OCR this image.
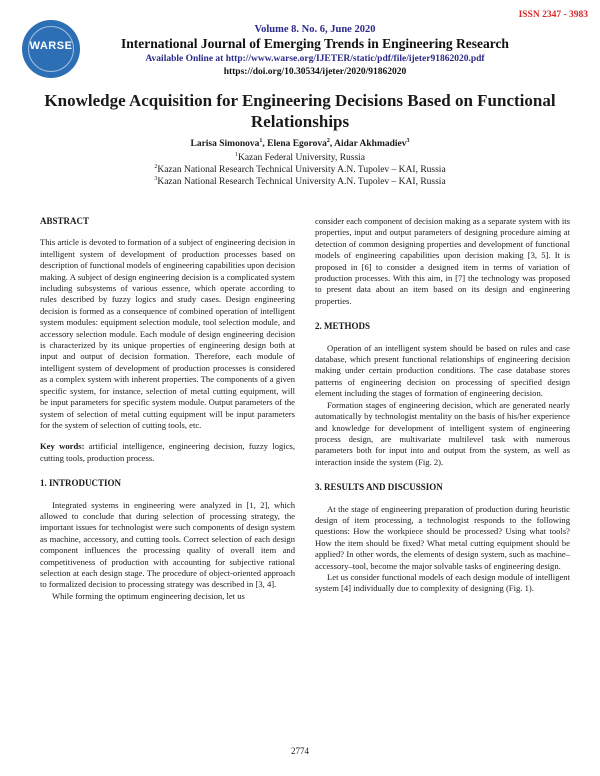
ISSN 2347 - 3983
WARSE
Volume 8. No. 6, June 2020
International Journal of Emerging Trends in Engineering Research
Available Online at http://www.warse.org/IJETER/static/pdf/file/ijeter91862020.pdf
https://doi.org/10.30534/ijeter/2020/91862020
Knowledge Acquisition for Engineering Decisions Based on Functional Relationships
Larisa Simonova$^1$, Elena Egorova$^2$, Aidar Akhmadiev$^3$
$^1$Kazan Federal University, Russia
$^2$Kazan National Research Technical University A.N. Tupolev – KAI, Russia
$^3$Kazan National Research Technical University A.N. Tupolev – KAI, Russia
ABSTRACT

This article is devoted to formation of a subject of engineering decision in intelligent system of development of production processes based on description of functional models of engineering capabilities upon decision making. A subject of design engineering decision is a complicated system including subsystems of various essence, which operate according to rules described by fuzzy logics and study cases. Design engineering decision is formed as a consequence of combined operation of intelligent system modules: equipment selection module, tool selection module, and accessory selection module. Each module of design engineering decision is characterized by its unique properties of engineering design both at input and output of decision formation. Therefore, each module of intelligent system of development of production processes is considered as a complex system with inherent properties. The components of a given specific system, for instance, selection of metal cutting equipment, will be input parameters for specific system module. Output parameters of the system of selection of metal cutting equipment will be input parameters for the system of selection of cutting tools, etc.

Key words: artificial intelligence, engineering decision, fuzzy logics, cutting tools, production process.

1. INTRODUCTION

Integrated systems in engineering were analyzed in [1, 2], which allowed to conclude that during selection of processing strategy, the important issues for technologist were such components of design system as machine, accessory, and cutting tools. Correct selection of each design component influences the processing quality of overall item and competitiveness of production with accounting for subjective rational selection at each design stage. The procedure of object-oriented approach to formalized decision to processing strategy was described in [3, 4].

While forming the optimum engineering decision, let us

consider each component of decision making as a separate system with its properties, input and output parameters of designing procedure aiming at detection of common designing properties and development of functional models of engineering capabilities upon decision making [3, 5]. It is proposed in [6] to consider a designed item in terms of variation of production processes. With this aim, in [7] the technology was proposed to present data about an item based on its design and engineering properties.

2. METHODS

Operation of an intelligent system should be based on rules and case database, which present functional relationships of engineering decision making under certain production conditions. The case database stores patterns of engineering decision on processing of specified design element including the stages of formation of engineering decision.

Formation stages of engineering decision, which are generated nearly automatically by technologist mentality on the basis of his/her experience and knowledge for development of intelligent system of engineering process design, are multivariate multilevel task with numerous parameters both for input into and output from the system, as well as interaction inside the system (Fig. 2).

3. RESULTS AND DISCUSSION

At the stage of engineering preparation of production during heuristic design of item processing, a technologist responds to the following questions: How the workpiece should be processed? Using what tools? How the item should be fixed? What metal cutting equipment should be applied? In other words, the elements of design system, such as machine–accessory–tool, become the major solvable tasks of engineering design.

Let us consider functional models of each design module of intelligent system [4] individually due to complexity of designing (Fig. 1).

2774
